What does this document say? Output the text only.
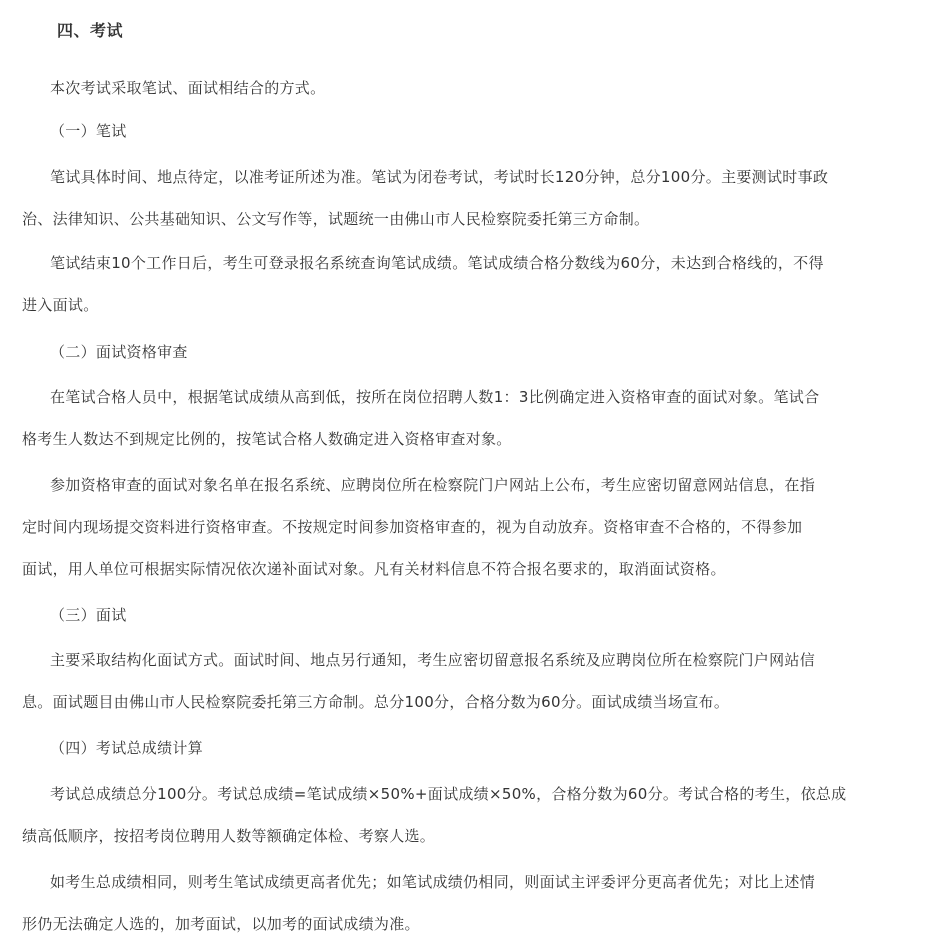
四、考试
本次考试采取笔试、面试相结合的方式。
（一）笔试
笔试具体时间、地点待定，以准考证所述为准。笔试为闭卷考试，考试时长120分钟，总分100分。主要测试时事政
治、法律知识、公共基础知识、公文写作等，试题统一由佛山市人民检察院委托第三方命制。
笔试结束10个工作日后，考生可登录报名系统查询笔试成绩。笔试成绩合格分数线为60分，未达到合格线的，不得
进入面试。
（二）面试资格审查
在笔试合格人员中，根据笔试成绩从高到低，按所在岗位招聘人数1：3比例确定进入资格审查的面试对象。笔试合
格考生人数达不到规定比例的，按笔试合格人数确定进入资格审查对象。
参加资格审查的面试对象名单在报名系统、应聘岗位所在检察院门户网站上公布，考生应密切留意网站信息，在指
定时间内现场提交资料进行资格审查。不按规定时间参加资格审查的，视为自动放弃。资格审查不合格的，不得参加
面试，用人单位可根据实际情况依次递补面试对象。凡有关材料信息不符合报名要求的，取消面试资格。
（三）面试
主要采取结构化面试方式。面试时间、地点另行通知，考生应密切留意报名系统及应聘岗位所在检察院门户网站信
息。面试题目由佛山市人民检察院委托第三方命制。总分100分，合格分数为60分。面试成绩当场宣布。
（四）考试总成绩计算
考试总成绩总分100分。考试总成绩=笔试成绩×50%+面试成绩×50%，合格分数为60分。考试合格的考生，依总成
绩高低顺序，按招考岗位聘用人数等额确定体检、考察人选。
如考生总成绩相同，则考生笔试成绩更高者优先；如笔试成绩仍相同，则面试主评委评分更高者优先；对比上述情
形仍无法确定人选的，加考面试，以加考的面试成绩为准。
